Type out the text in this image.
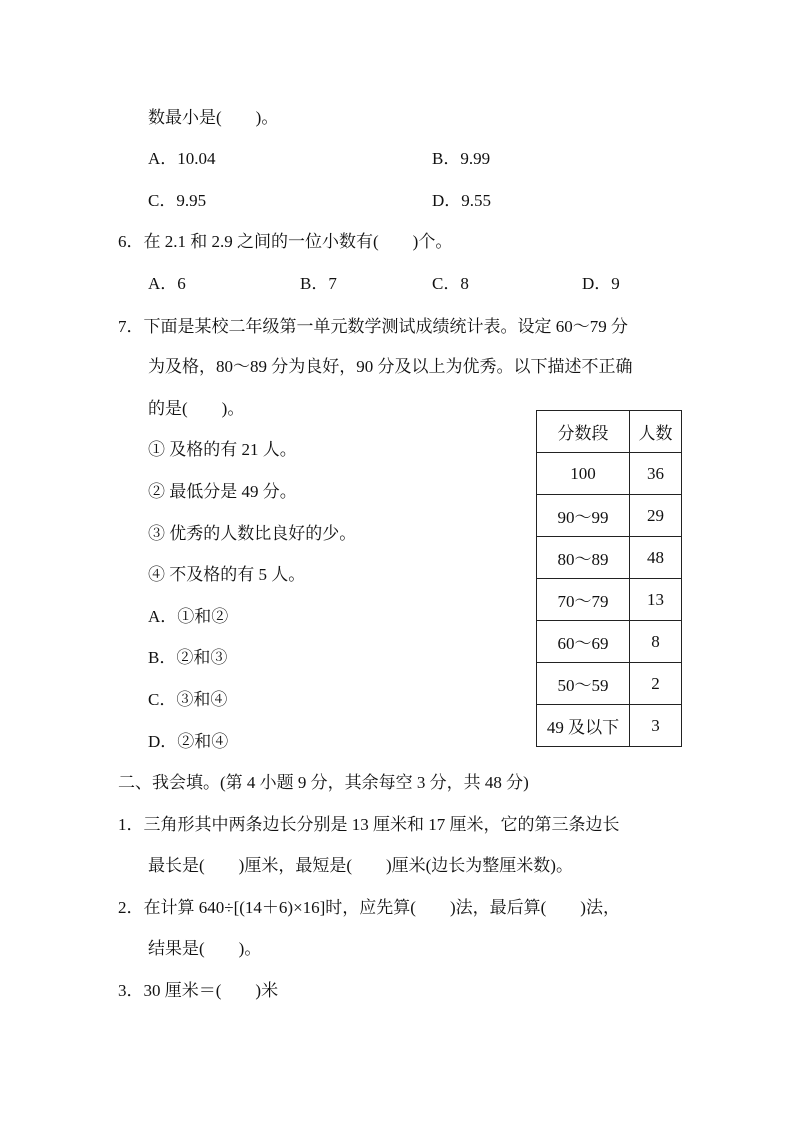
数最小是(　　)。
A．10.04	B．9.99
C．9.95	D．9.55
6．在 2.1 和 2.9 之间的一位小数有(　　)个。
A．6	B．7	C．8	D．9
7．下面是某校二年级第一单元数学测试成绩统计表。设定 60～79 分
为及格，80～89 分为良好，90 分及以上为优秀。以下描述不正确
的是(　　)。
① 及格的有 21 人。
② 最低分是 49 分。
③ 优秀的人数比良好的少。
④ 不及格的有 5 人。
A．①和②
B．②和③
C．③和④
D．②和④
分数段	人数
100	36
90～99	29
80～89	48
70～79	13
60～69	8
50～59	2
49 及以下	3
二、我会填。(第 4 小题 9 分，其余每空 3 分，共 48 分)
1．三角形其中两条边长分别是 13 厘米和 17 厘米，它的第三条边长
最长是(　　)厘米，最短是(　　)厘米(边长为整厘米数)。
2．在计算 640÷[(14＋6)×16]时，应先算(　　)法，最后算(　　)法，
结果是(　　)。
3．30 厘米＝(　　)米
